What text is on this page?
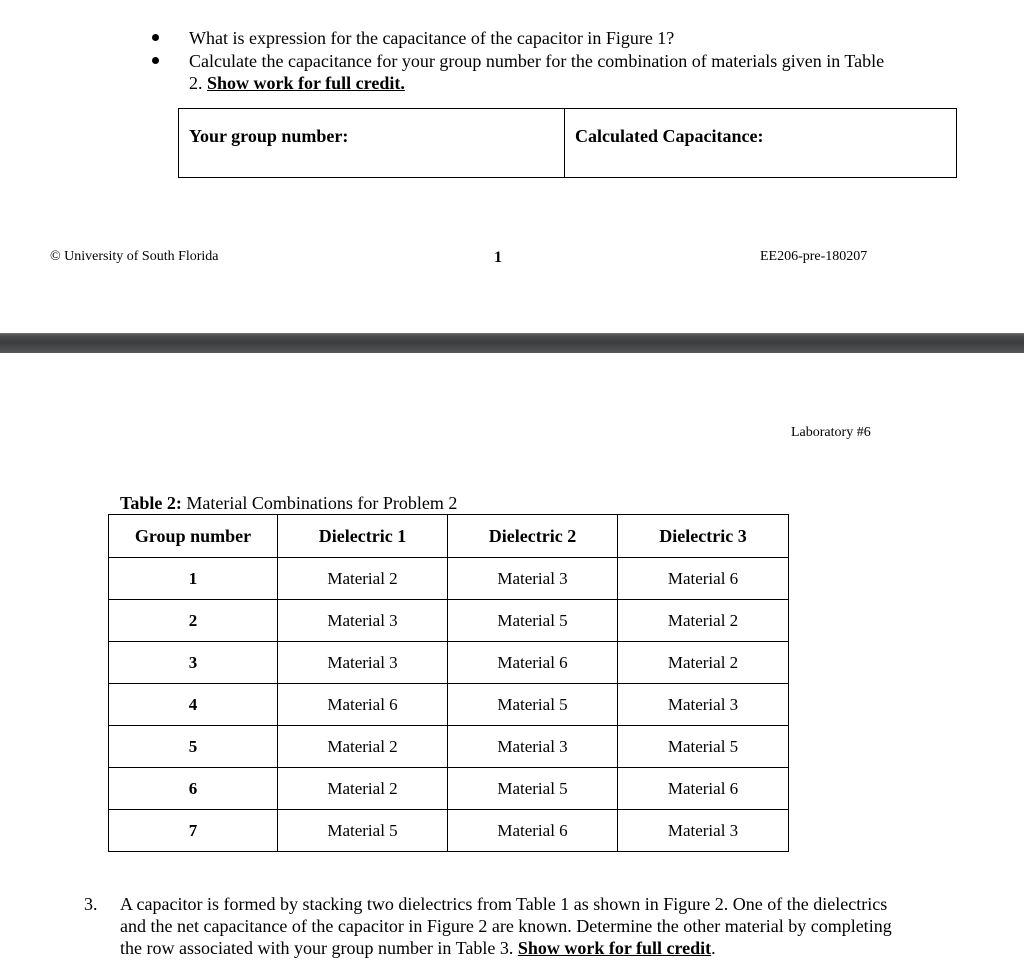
What is expression for the capacitance of the capacitor in Figure 1?
Calculate the capacitance for your group number for the combination of materials given in Table
2. Show work for full credit.
Your group number:	Calculated Capacitance:
© University of South Florida	1	EE206-pre-180207
Laboratory #6
Table 2: Material Combinations for Problem 2
Group number	Dielectric 1	Dielectric 2	Dielectric 3
1	Material 2	Material 3	Material 6
2	Material 3	Material 5	Material 2
3	Material 3	Material 6	Material 2
4	Material 6	Material 5	Material 3
5	Material 2	Material 3	Material 5
6	Material 2	Material 5	Material 6
7	Material 5	Material 6	Material 3
3. A capacitor is formed by stacking two dielectrics from Table 1 as shown in Figure 2. One of the dielectrics
and the net capacitance of the capacitor in Figure 2 are known. Determine the other material by completing
the row associated with your group number in Table 3. Show work for full credit.
